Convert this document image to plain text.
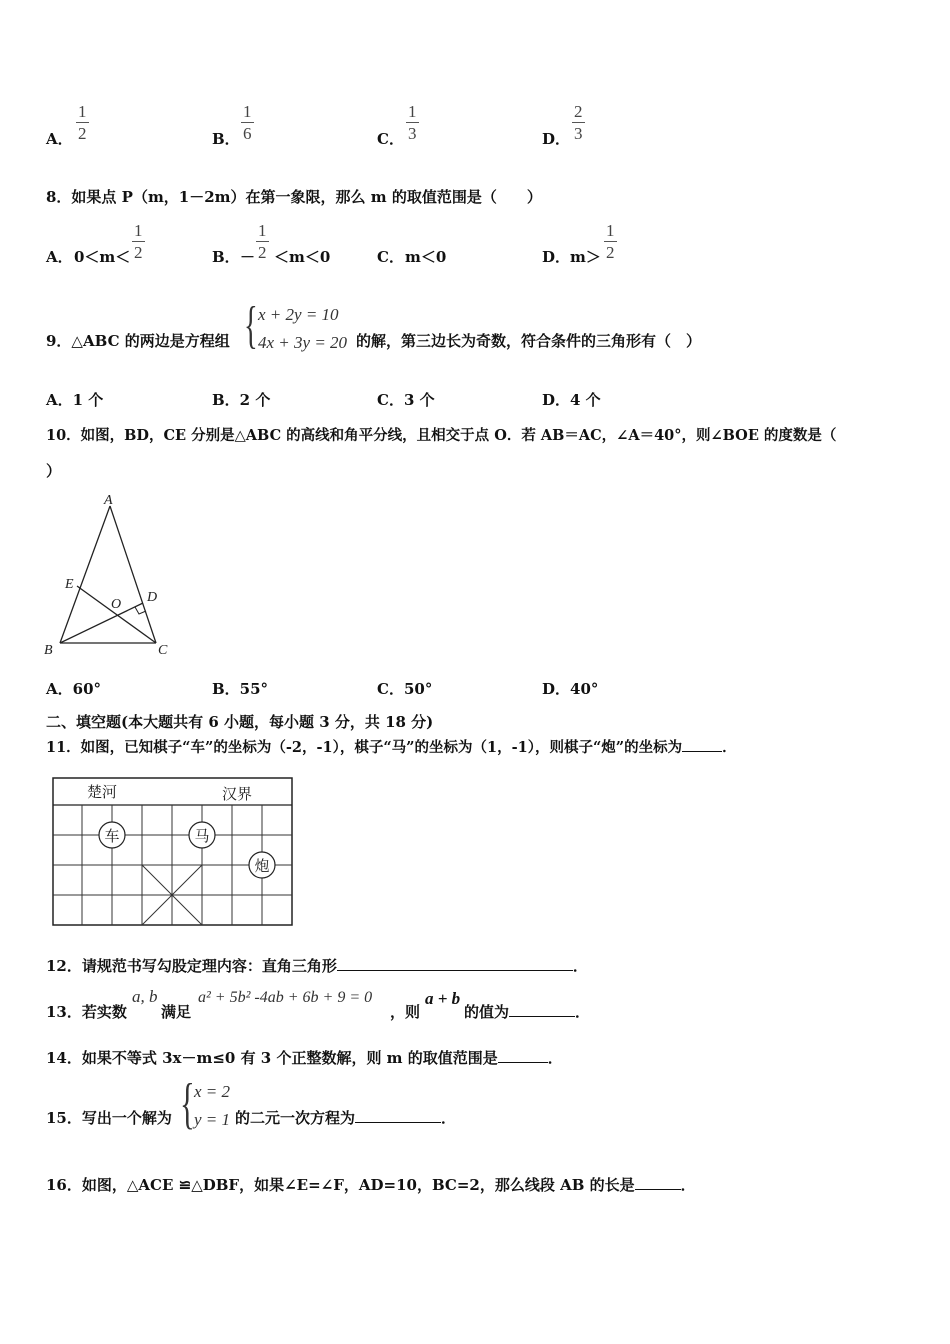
A． $\frac{1}{2}$	B． $\frac{1}{6}$	C． $\frac{1}{3}$	D． $\frac{2}{3}$
8．如果点 P（m，1－2m）在第一象限，那么 m 的取值范围是（　　）
A． $0<m< \frac{1}{2}$	B． － $\frac{1}{2} <m<0$	C． m＜0	D． $m> \frac{1}{2}$
9．△ABC 的两边是方程组 { x + 2y = 10
4x + 3y = 20 的解，第三边长为奇数，符合条件的三角形有（　）
A．1 个	B．2 个	C．3 个	D．4 个
10．如图，BD，CE 分别是△ABC 的高线和角平分线，且相交于点 O．若 AB＝AC，∠A＝40°，则∠BOE 的度数是（
）
A
B	C
D
E
O
A．60°	B．55°	C．50°	D．40°
二、填空题(本大题共有 6 小题，每小题 3 分，共 18 分)
11．如图，已知棋子“车”的坐标为（-2，-1），棋子“马”的坐标为（1，-1），则棋子“炮”的坐标为	．
楚河	汉界
车	马
炮
12．请规范书写勾股定理内容：直角三角形	．
13．若实数
a, b
满足
a² + 5b² -4ab + 6b + 9 = 0
，则
a + b
的值为	．
14．如果不等式 3x－m≤0 有 3 个正整数解，则 m 的取值范围是	．
15．写出一个解为 { x = 2
y = 1 的二元一次方程为	．
16．如图，△ACE ≌△DBF，如果∠E=∠F，AD=10，BC=2，那么线段 AB 的长是	．
